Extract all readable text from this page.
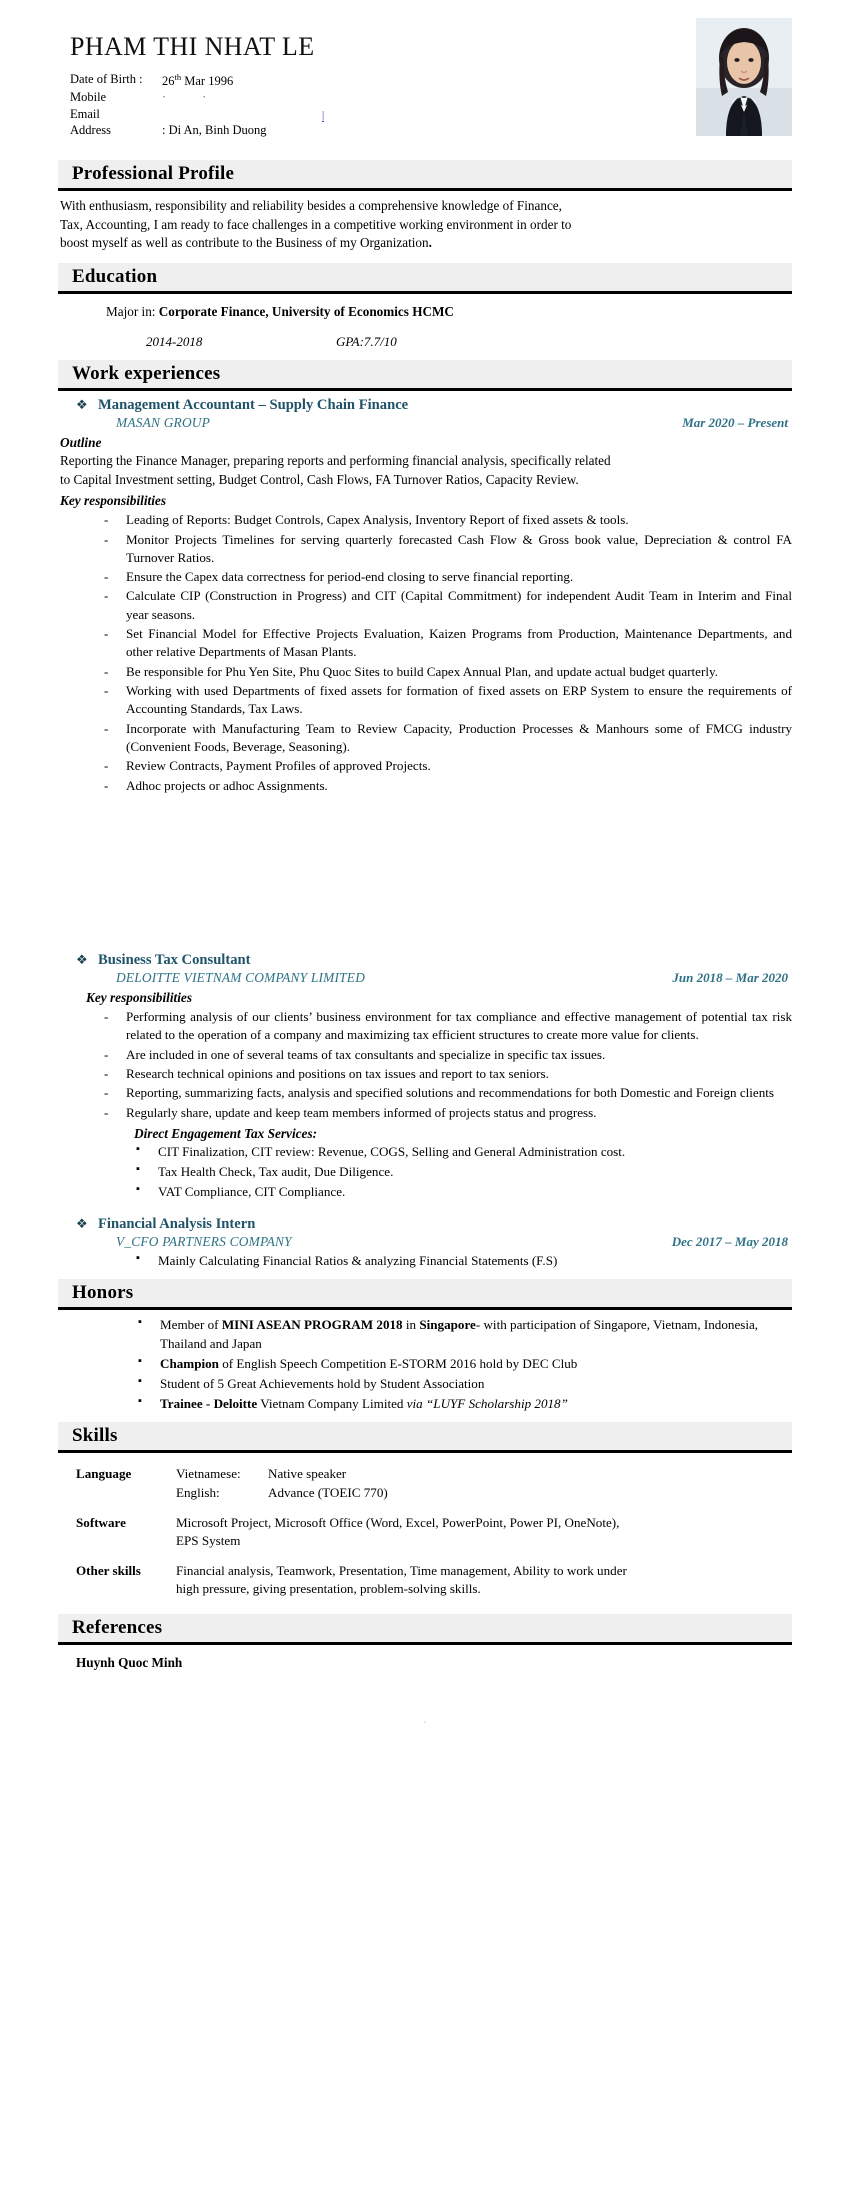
PHAM THI NHAT LE
Date of Birth :	26th Mar 1996
Mobile	··
Email	|
Address	: Di An, Binh Duong
Professional Profile

With enthusiasm, responsibility and reliability besides a comprehensive knowledge of Finance,
Tax, Accounting, I am ready to face challenges in a competitive working environment in order to
boost myself as well as contribute to the Business of my Organization.

Education
Major in: Corporate Finance, University of Economics HCMC
2014-2018	GPA:7.7/10
Work experiences
❖ Management Accountant – Supply Chain Finance
MASAN GROUP	Mar 2020 – Present
Outline

Reporting the Finance Manager, preparing reports and performing financial analysis, specifically related
to Capital Investment setting, Budget Control, Cash Flows, FA Turnover Ratios, Capacity Review.

Key responsibilities
- Leading of Reports: Budget Controls, Capex Analysis, Inventory Report of fixed assets & tools.
- Monitor Projects Timelines for serving quarterly forecasted Cash Flow & Gross book value, Depreciation & control FA Turnover Ratios.
- Ensure the Capex data correctness for period-end closing to serve financial reporting.
- Calculate CIP (Construction in Progress) and CIT (Capital Commitment) for independent Audit Team in Interim and Final year seasons.
- Set Financial Model for Effective Projects Evaluation, Kaizen Programs from Production, Maintenance Departments, and other relative Departments of Masan Plants.
- Be responsible for Phu Yen Site, Phu Quoc Sites to build Capex Annual Plan, and update actual budget quarterly.
- Working with used Departments of fixed assets for formation of fixed assets on ERP System to ensure the requirements of Accounting Standards, Tax Laws.
- Incorporate with Manufacturing Team to Review Capacity, Production Processes & Manhours some of FMCG industry (Convenient Foods, Beverage, Seasoning).
- Review Contracts, Payment Profiles of approved Projects.
- Adhoc projects or adhoc Assignments.
❖ Business Tax Consultant
DELOITTE VIETNAM COMPANY LIMITED	Jun 2018 – Mar 2020
Key responsibilities
- Performing analysis of our clients’ business environment for tax compliance and effective management of potential tax risk related to the operation of a company and maximizing tax efficient structures to create more value for clients.
- Are included in one of several teams of tax consultants and specialize in specific tax issues.
- Research technical opinions and positions on tax issues and report to tax seniors.
- Reporting, summarizing facts, analysis and specified solutions and recommendations for both Domestic and Foreign clients
- Regularly share, update and keep team members informed of projects status and progress.
Direct Engagement Tax Services:
▪ CIT Finalization, CIT review: Revenue, COGS, Selling and General Administration cost.
▪ Tax Health Check, Tax audit, Due Diligence.
▪ VAT Compliance, CIT Compliance.
❖ Financial Analysis Intern
V_CFO PARTNERS COMPANY	Dec 2017 – May 2018
▪ Mainly Calculating Financial Ratios & analyzing Financial Statements (F.S)
Honors
▪ Member of MINI ASEAN PROGRAM 2018 in Singapore- with participation of Singapore, Vietnam, Indonesia, Thailand and Japan
▪ Champion of English Speech Competition E-STORM 2016 hold by DEC Club
▪ Student of 5 Great Achievements hold by Student Association
▪ Trainee - Deloitte Vietnam Company Limited via “LUYF Scholarship 2018”
Skills
Language	Vietnamese: Native speaker
English: Advance (TOEIC 770)

Software	Microsoft Project, Microsoft Office (Word, Excel, PowerPoint, Power PI, OneNote),
EPS System
Other skills	Financial analysis, Teamwork, Presentation, Time management, Ability to work under
high pressure, giving presentation, problem-solving skills.
References
Huynh Quoc Minh
·
